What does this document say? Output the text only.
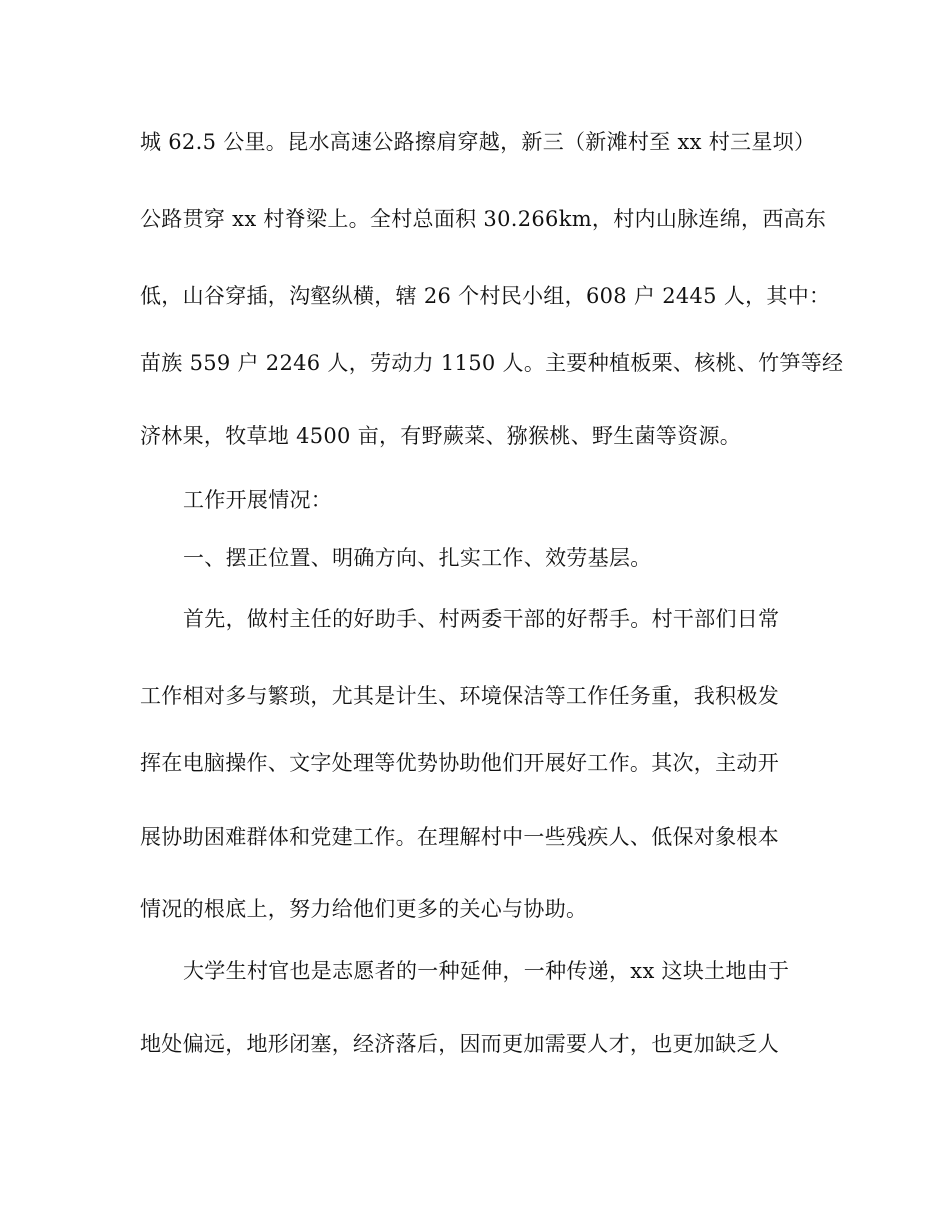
城 62.5 公里。昆水高速公路擦肩穿越，新三（新滩村至 xx 村三星坝）
公路贯穿 xx 村脊梁上。全村总面积 30.266km，村内山脉连绵，西高东
低，山谷穿插，沟壑纵横，辖 26 个村民小组，608 户 2445 人，其中：
苗族 559 户 2246 人，劳动力 1150 人。主要种植板栗、核桃、竹笋等经
济林果，牧草地 4500 亩，有野蕨菜、猕猴桃、野生菌等资源。
工作开展情况：
一、摆正位置、明确方向、扎实工作、效劳基层。
首先，做村主任的好助手、村两委干部的好帮手。村干部们日常
工作相对多与繁琐，尤其是计生、环境保洁等工作任务重，我积极发
挥在电脑操作、文字处理等优势协助他们开展好工作。其次，主动开
展协助困难群体和党建工作。在理解村中一些残疾人、低保对象根本
情况的根底上，努力给他们更多的关心与协助。
大学生村官也是志愿者的一种延伸，一种传递，xx 这块土地由于
地处偏远，地形闭塞，经济落后，因而更加需要人才，也更加缺乏人
